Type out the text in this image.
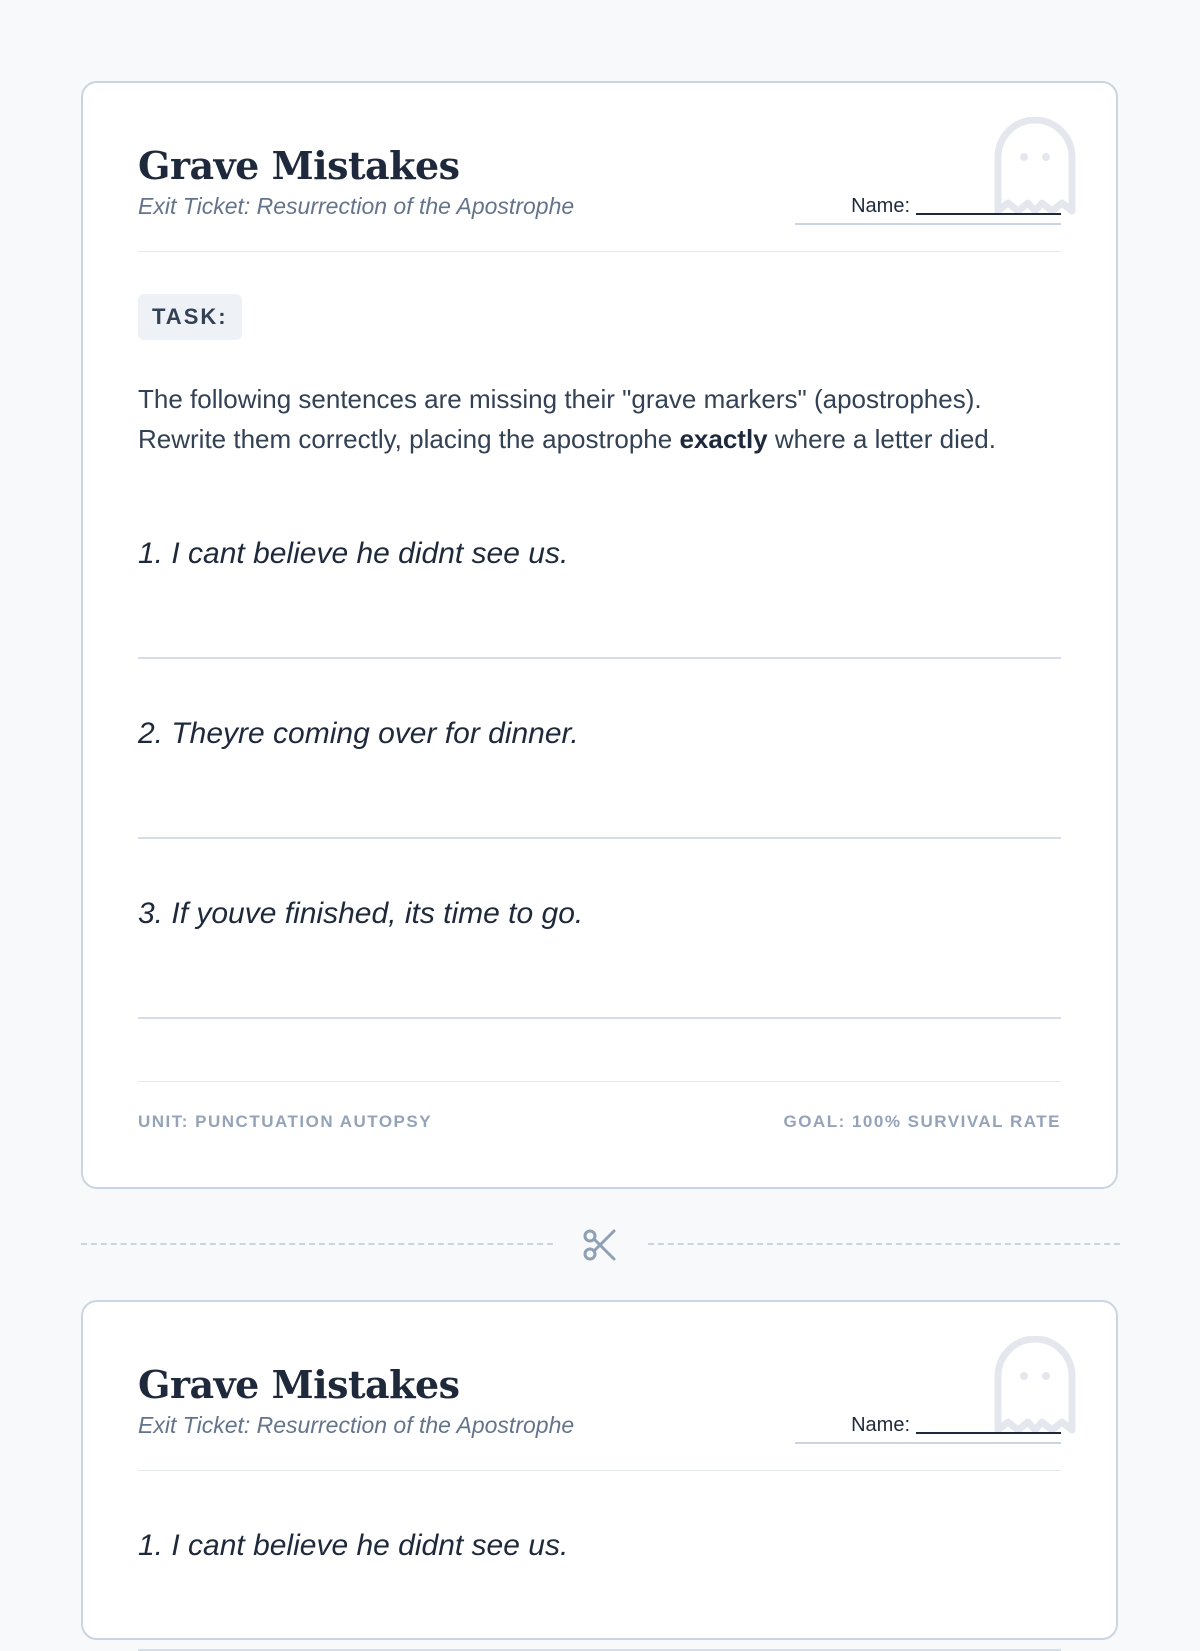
Grave Mistakes
Exit Ticket: Resurrection of the Apostrophe	Name:
TASK:
The following sentences are missing their "grave markers" (apostrophes). Rewrite them correctly, placing the apostrophe exactly where a letter died.
1. I cant believe he didnt see us.
2. Theyre coming over for dinner.
3. If youve finished, its time to go.
UNIT: PUNCTUATION AUTOPSY	GOAL: 100% SURVIVAL RATE
Grave Mistakes
Exit Ticket: Resurrection of the Apostrophe	Name:
1. I cant believe he didnt see us.
